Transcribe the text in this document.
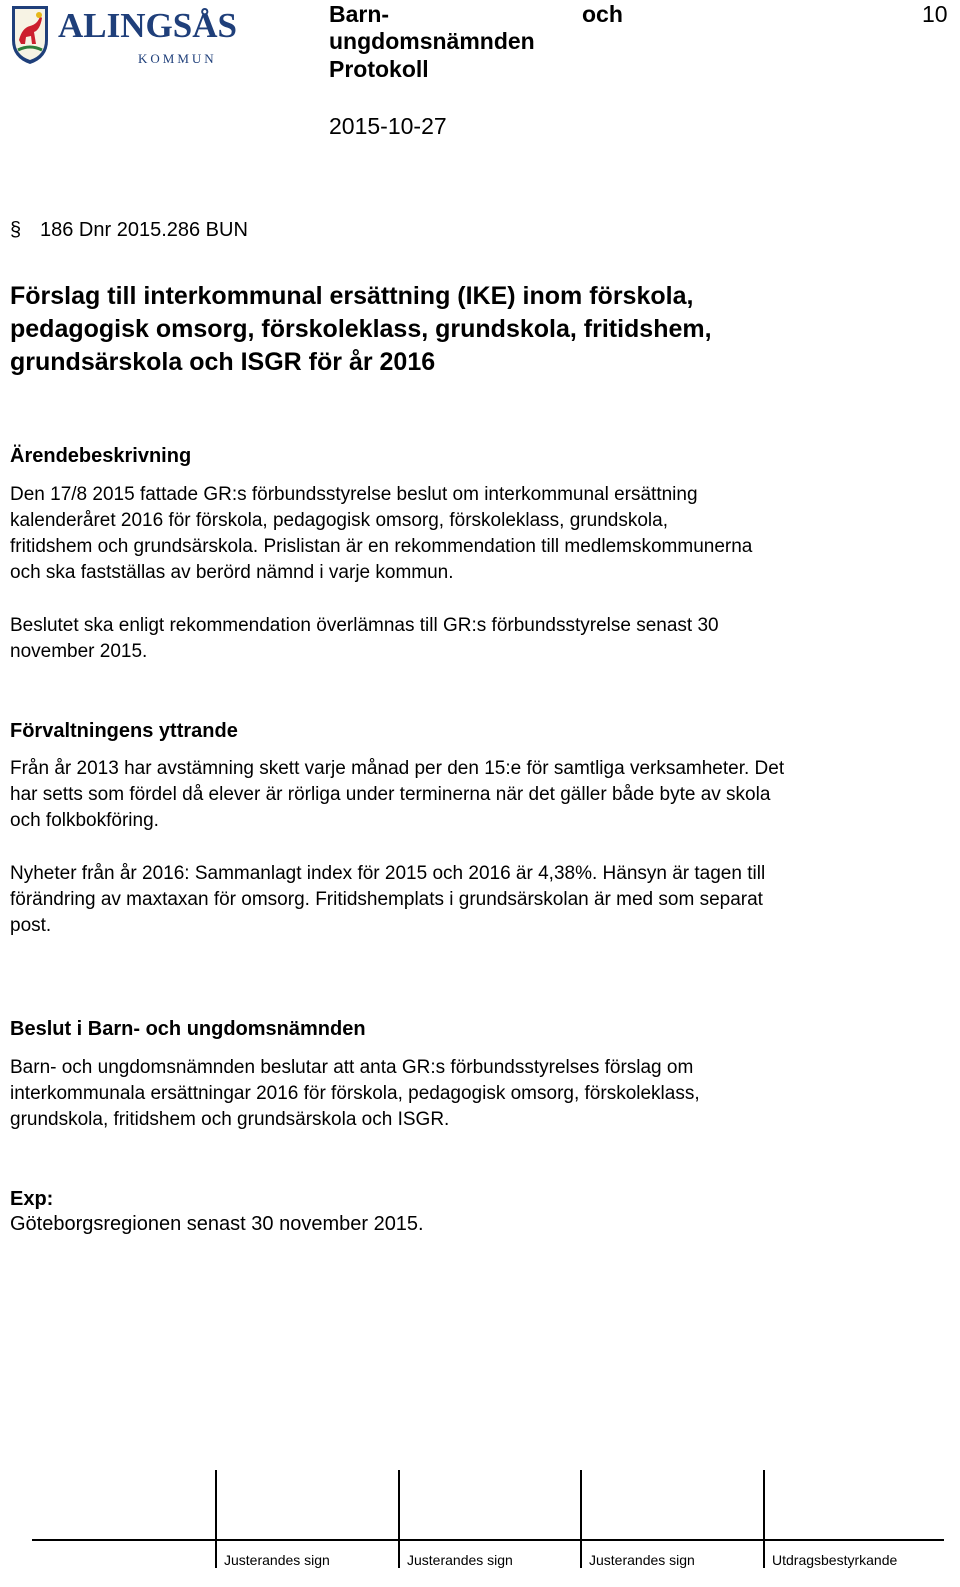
ALINGSÅS
KOMMUN
Barn-	och
ungdomsnämnden
Protokoll
10
2015-10-27
§ 186 Dnr 2015.286 BUN
Förslag till interkommunal ersättning (IKE) inom förskola,
pedagogisk omsorg, förskoleklass, grundskola, fritidshem,
grundsärskola och ISGR för år 2016
Ärendebeskrivning
Den 17/8 2015 fattade GR:s förbundsstyrelse beslut om interkommunal ersättning
kalenderåret 2016 för förskola, pedagogisk omsorg, förskoleklass, grundskola,
fritidshem och grundsärskola. Prislistan är en rekommendation till medlemskommunerna
och ska fastställas av berörd nämnd i varje kommun.
Beslutet ska enligt rekommendation överlämnas till GR:s förbundsstyrelse senast 30
november 2015.
Förvaltningens yttrande
Från år 2013 har avstämning skett varje månad per den 15:e för samtliga verksamheter. Det
har setts som fördel då elever är rörliga under terminerna när det gäller både byte av skola
och folkbokföring.
Nyheter från år 2016: Sammanlagt index för 2015 och 2016 är 4,38%. Hänsyn är tagen till
förändring av maxtaxan för omsorg. Fritidshemplats i grundsärskolan är med som separat
post.
Beslut i Barn- och ungdomsnämnden
Barn- och ungdomsnämnden beslutar att anta GR:s förbundsstyrelses förslag om
interkommunala ersättningar 2016 för förskola, pedagogisk omsorg, förskoleklass,
grundskola, fritidshem och grundsärskola och ISGR.
Exp:
Göteborgsregionen senast 30 november 2015.
Justerandes sign	Justerandes sign	Justerandes sign	Utdragsbestyrkande
